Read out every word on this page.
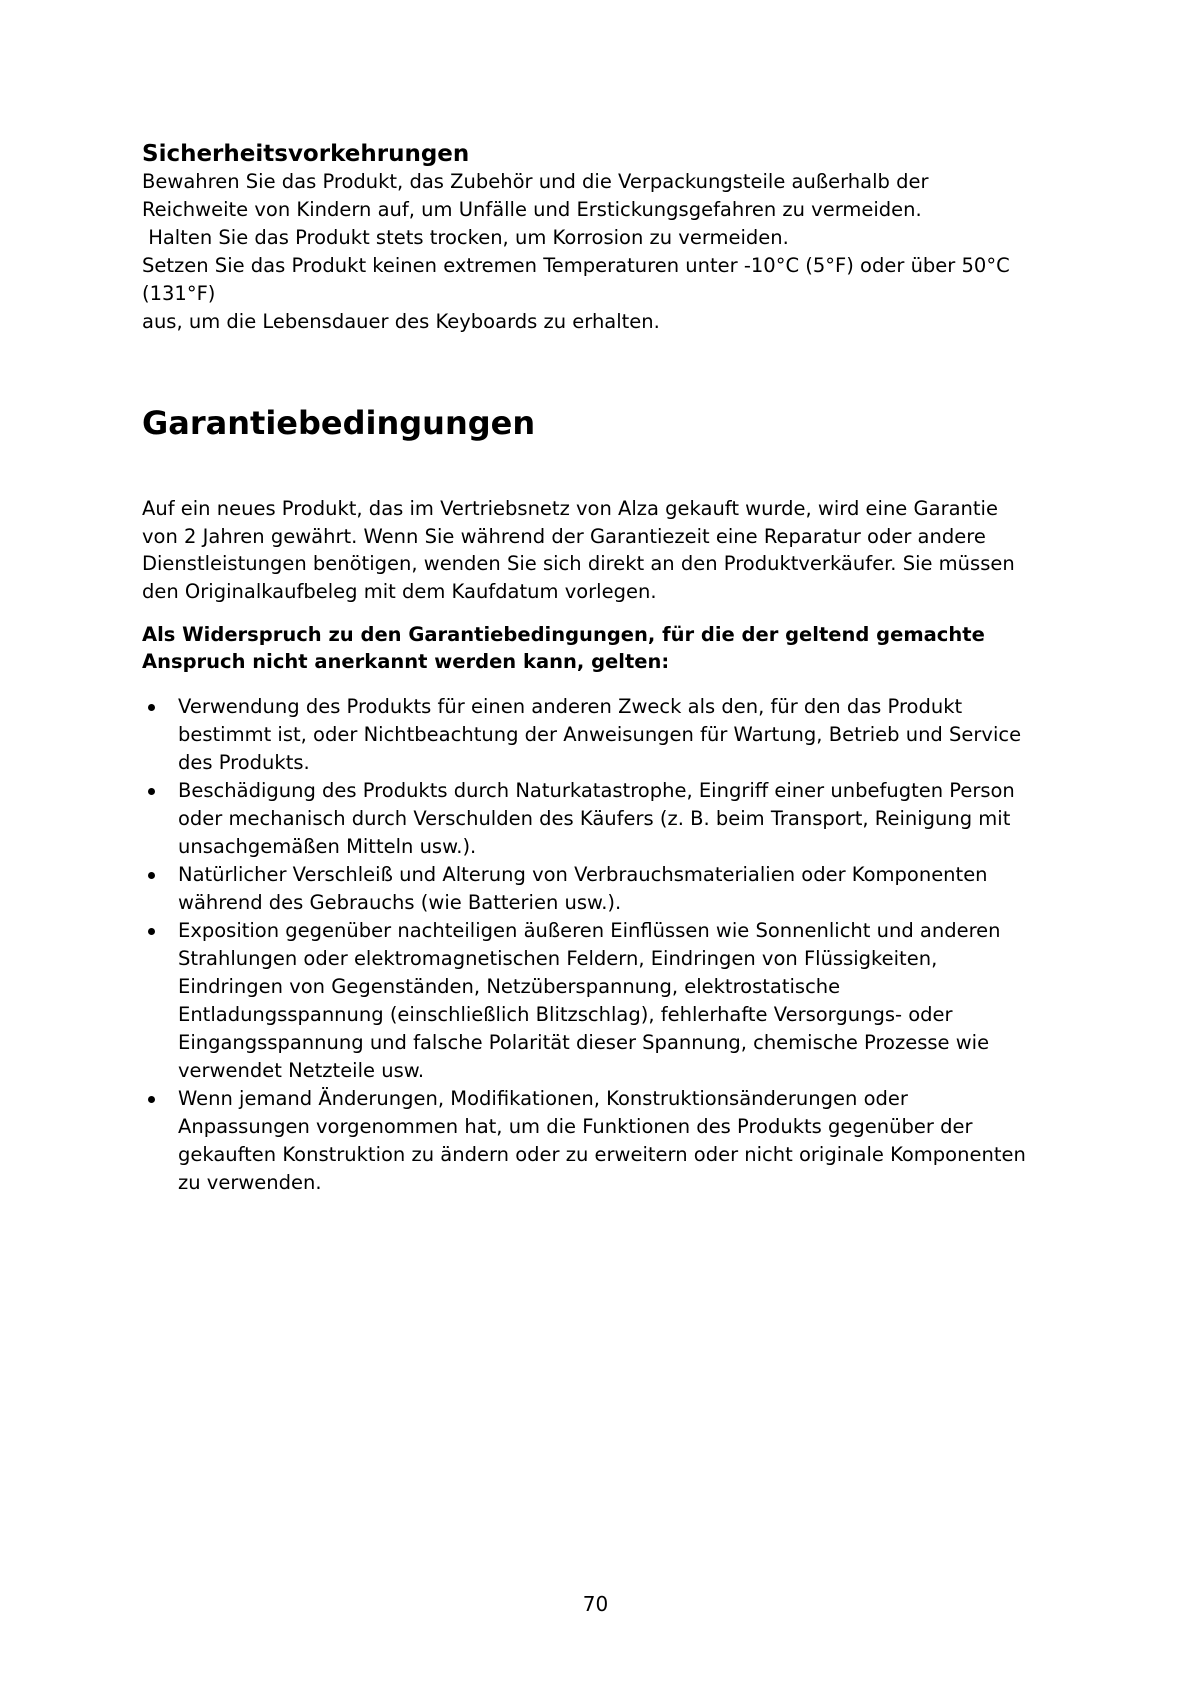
Sicherheitsvorkehrungen

Bewahren Sie das Produkt, das Zubehör und die Verpackungsteile außerhalb der

Reichweite von Kindern auf, um Unfälle und Erstickungsgefahren zu vermeiden.

Halten Sie das Produkt stets trocken, um Korrosion zu vermeiden.

Setzen Sie das Produkt keinen extremen Temperaturen unter -10°C (5°F) oder über 50°C

(131°F)

aus, um die Lebensdauer des Keyboards zu erhalten.

Garantiebedingungen

Auf ein neues Produkt, das im Vertriebsnetz von Alza gekauft wurde, wird eine Garantie
von 2 Jahren gewährt. Wenn Sie während der Garantiezeit eine Reparatur oder andere
Dienstleistungen benötigen, wenden Sie sich direkt an den Produktverkäufer. Sie müssen
den Originalkaufbeleg mit dem Kaufdatum vorlegen.

Als Widerspruch zu den Garantiebedingungen, für die der geltend gemachte
Anspruch nicht anerkannt werden kann, gelten:

Verwendung des Produkts für einen anderen Zweck als den, für den das Produkt
bestimmt ist, oder Nichtbeachtung der Anweisungen für Wartung, Betrieb und Service
des Produkts.
Beschädigung des Produkts durch Naturkatastrophe, Eingriff einer unbefugten Person
oder mechanisch durch Verschulden des Käufers (z. B. beim Transport, Reinigung mit
unsachgemäßen Mitteln usw.).
Natürlicher Verschleiß und Alterung von Verbrauchsmaterialien oder Komponenten
während des Gebrauchs (wie Batterien usw.).
Exposition gegenüber nachteiligen äußeren Einflüssen wie Sonnenlicht und anderen
Strahlungen oder elektromagnetischen Feldern, Eindringen von Flüssigkeiten,
Eindringen von Gegenständen, Netzüberspannung, elektrostatische
Entladungsspannung (einschließlich Blitzschlag), fehlerhafte Versorgungs- oder
Eingangsspannung und falsche Polarität dieser Spannung, chemische Prozesse wie
verwendet Netzteile usw.
Wenn jemand Änderungen, Modifikationen, Konstruktionsänderungen oder
Anpassungen vorgenommen hat, um die Funktionen des Produkts gegenüber der
gekauften Konstruktion zu ändern oder zu erweitern oder nicht originale Komponenten
zu verwenden.
70
